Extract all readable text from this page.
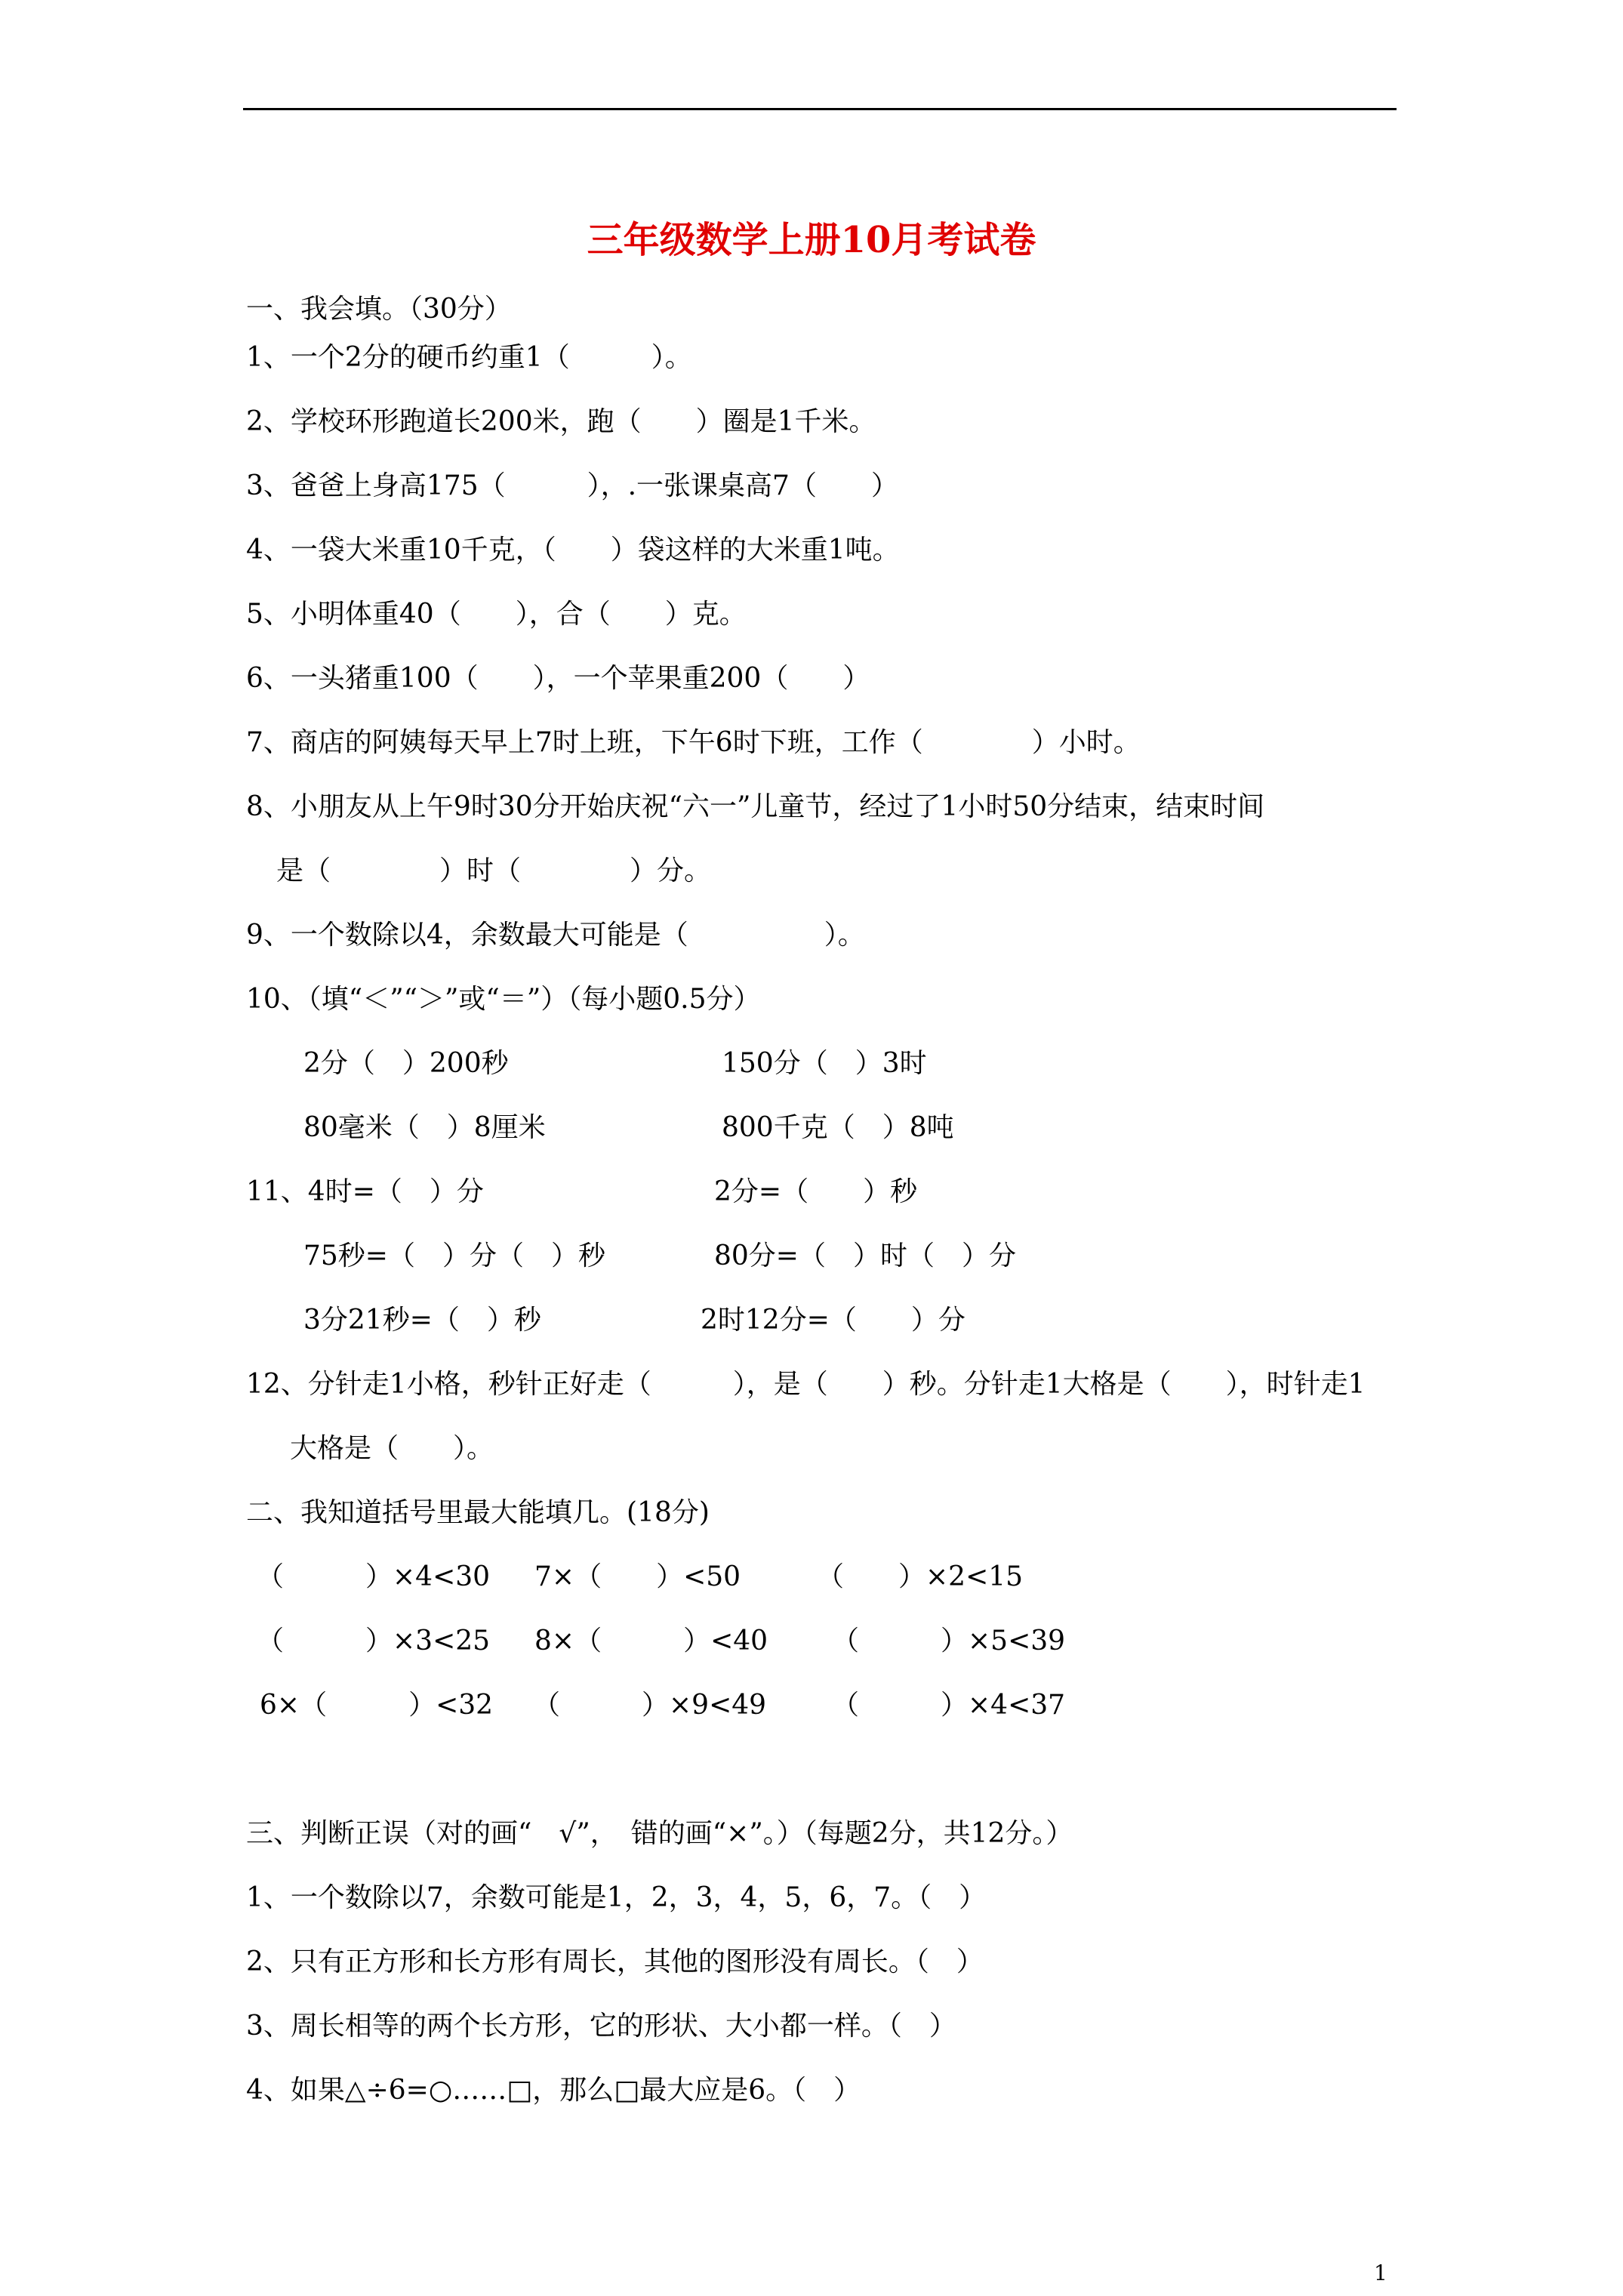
三年级数学上册10月考试卷
一、我会填。（30分）
1、一个2分的硬币约重1（　　　）。
2、学校环形跑道长200米，跑（　　）圈是1千米。
3、爸爸上身高175（　　　），.一张课桌高7（　　）
4、一袋大米重10千克，（　　）袋这样的大米重1吨。
5、小明体重40（　　），合（　　）克。
6、一头猪重100（　　），一个苹果重200（　　）
7、商店的阿姨每天早上7时上班，下午6时下班，工作（　　　　）小时。
8、小朋友从上午9时30分开始庆祝“六一”儿童节，经过了1小时50分结束，结束时间
是（　　　　）时（　　　　）分。
9、一个数除以4，余数最大可能是（　　　　　）。
10、（填“＜”“＞”或“＝”）（每小题0.5分）
2分（　）200秒	150分（　）3时
80毫米（　）8厘米	800千克（　）8吨
11、4时=（　）分	2分=（　　）秒
75秒=（　）分（　）秒	80分=（　）时（　）分
3分21秒=（　）秒	2时12分=（　　）分
12、分针走1小格，秒针正好走（　　　），是（　　）秒。分针走1大格是（　　），时针走1
大格是（　　）。
二、我知道括号里最大能填几。(18分)
（　　　）×4<30 7×（　　）<50	（　　）×2<15
（　　　）×3<25 8×（　　　）<40 （　　　）×5<39
6×（　　　）<32 （　　　）×9<49 （　　　）×4<37
三、判断正误（对的画“　√”，　错的画“×”。）（每题2分，共12分。）
1、一个数除以7，余数可能是1，2，3，4，5，6，7。（　）
2、只有正方形和长方形有周长，其他的图形没有周长。（　）
3、周长相等的两个长方形，它的形状、大小都一样。（　）
4、如果△÷6=○……□，那么□最大应是6。（　）
1
